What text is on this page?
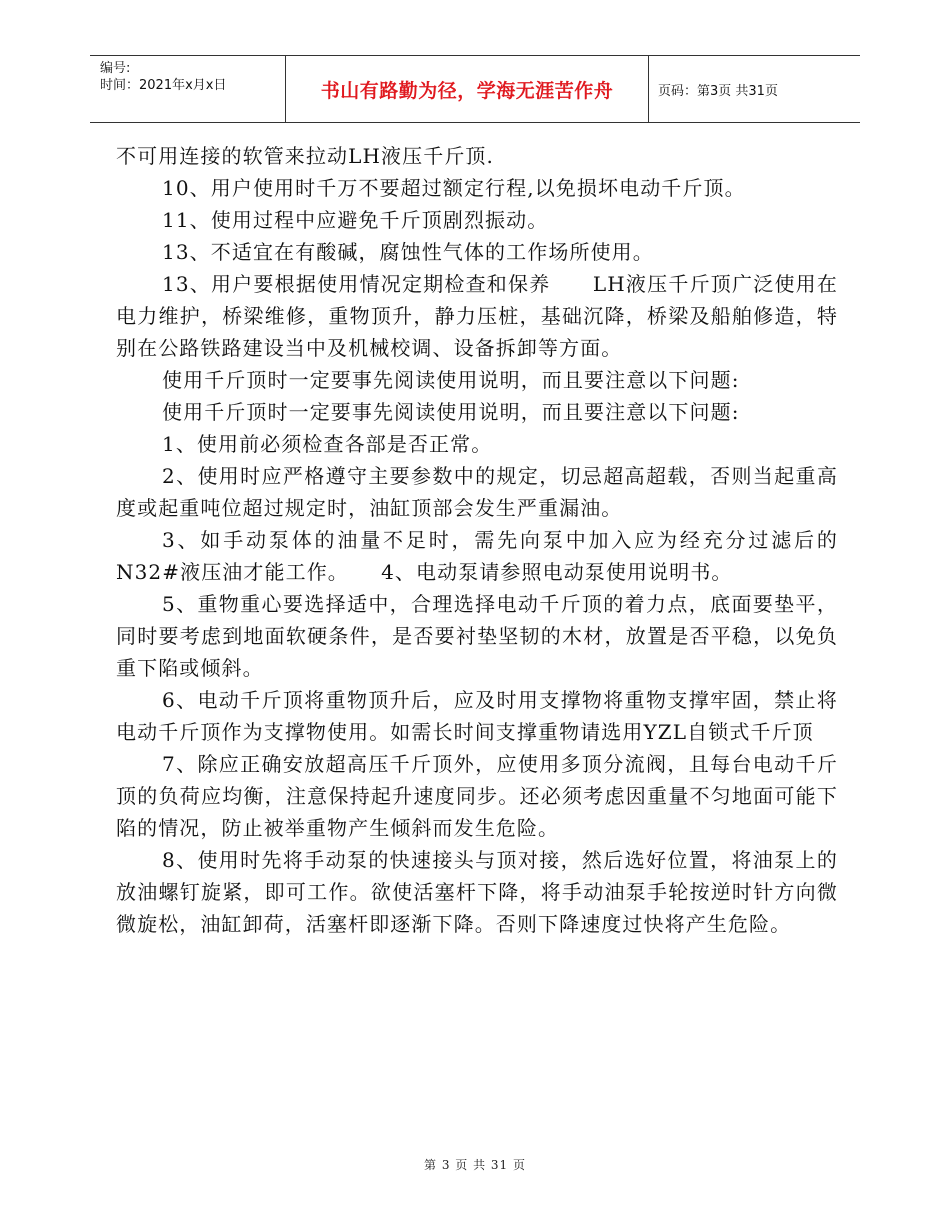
编号:
时间：2021年x月x日	书山有路勤为径，学海无涯苦作舟	页码：第3页 共31页

不可用连接的软管来拉动LH液压千斤顶.

10、用户使用时千万不要超过额定行程,以免损坏电动千斤顶。

11、使用过程中应避免千斤顶剧烈振动。

13、不适宜在有酸碱，腐蚀性气体的工作场所使用。

13、用户要根据使用情况定期检查和保养　　LH液压千斤顶广泛使用在电力维护，桥梁维修，重物顶升，静力压桩，基础沉降，桥梁及船舶修造，特别在公路铁路建设当中及机械校调、设备拆卸等方面。

使用千斤顶时一定要事先阅读使用说明，而且要注意以下问题:

使用千斤顶时一定要事先阅读使用说明，而且要注意以下问题:

1、使用前必须检查各部是否正常。

2、使用时应严格遵守主要参数中的规定，切忌超高超载，否则当起重高度或起重吨位超过规定时，油缸顶部会发生严重漏油。

3、如手动泵体的油量不足时，需先向泵中加入应为经充分过滤后的N32#液压油才能工作。　　4、电动泵请参照电动泵使用说明书。

5、重物重心要选择适中，合理选择电动千斤顶的着力点，底面要垫平，同时要考虑到地面软硬条件，是否要衬垫坚韧的木材，放置是否平稳，以免负重下陷或倾斜。

6、电动千斤顶将重物顶升后，应及时用支撑物将重物支撑牢固，禁止将电动千斤顶作为支撑物使用。如需长时间支撑重物请选用YZL自锁式千斤顶

7、除应正确安放超高压千斤顶外，应使用多顶分流阀，且每台电动千斤顶的负荷应均衡，注意保持起升速度同步。还必须考虑因重量不匀地面可能下陷的情况，防止被举重物产生倾斜而发生危险。

8、使用时先将手动泵的快速接头与顶对接，然后选好位置，将油泵上的放油螺钉旋紧，即可工作。欲使活塞杆下降，将手动油泵手轮按逆时针方向微微旋松，油缸卸荷，活塞杆即逐渐下降。否则下降速度过快将产生危险。

第 3 页 共 31 页
